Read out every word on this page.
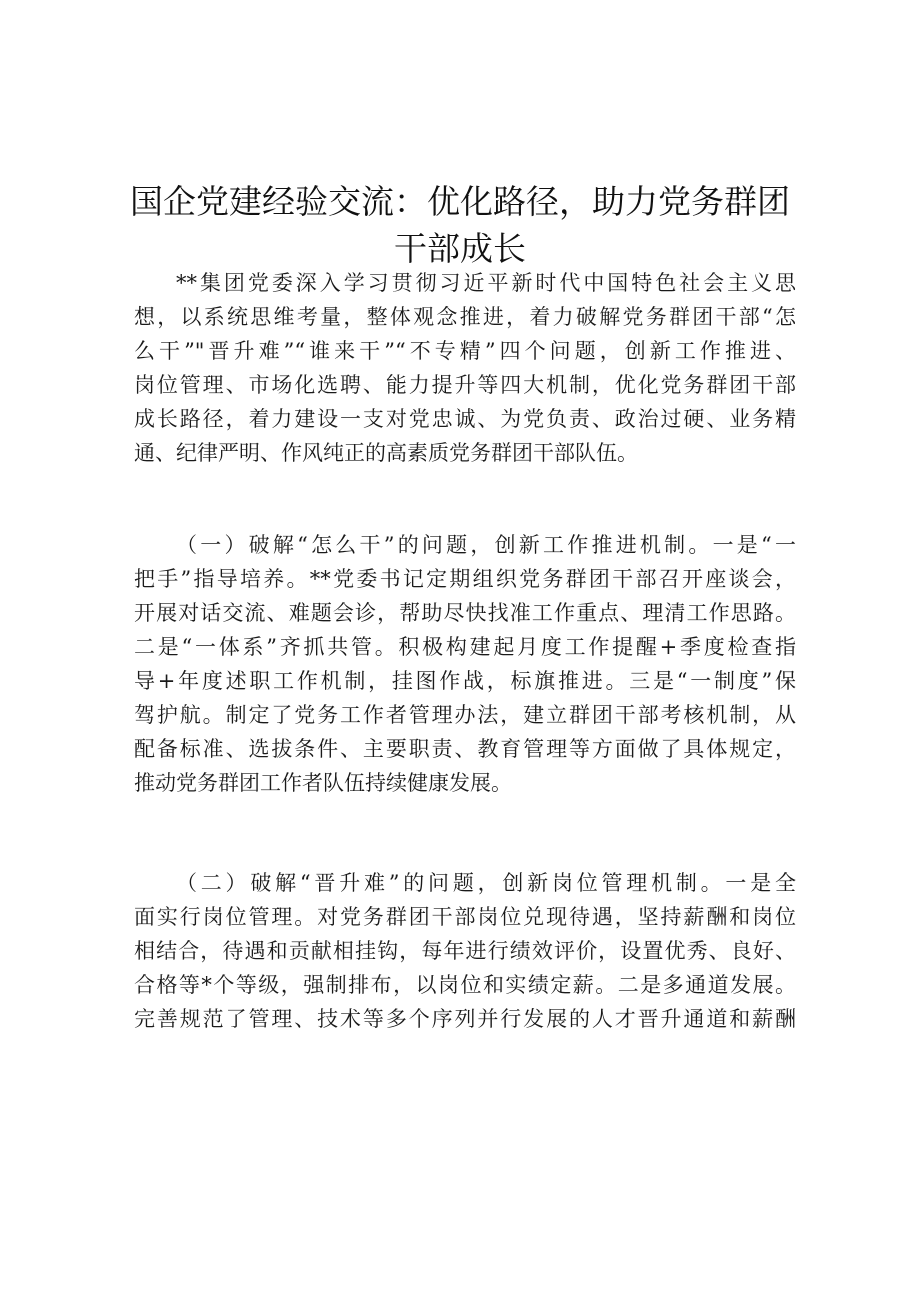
国企党建经验交流：优化路径，助力党务群团
干部成长
**集团党委深入学习贯彻习近平新时代中国特色社会主义思
想，以系统思维考量，整体观念推进，着力破解党务群团干部“怎
么干”"晋升难”“谁来干”“不专精”四个问题，创新工作推进、
岗位管理、市场化选聘、能力提升等四大机制，优化党务群团干部
成长路径，着力建设一支对党忠诚、为党负责、政治过硬、业务精
通、纪律严明、作风纯正的高素质党务群团干部队伍。
（一）破解“怎么干”的问题，创新工作推进机制。一是“一
把手”指导培养。**党委书记定期组织党务群团干部召开座谈会，
开展对话交流、难题会诊，帮助尽快找准工作重点、理清工作思路。
二是“一体系”齐抓共管。积极构建起月度工作提醒+季度检查指
导+年度述职工作机制，挂图作战，标旗推进。三是“一制度”保
驾护航。制定了党务工作者管理办法，建立群团干部考核机制，从
配备标准、选拔条件、主要职责、教育管理等方面做了具体规定，
推动党务群团工作者队伍持续健康发展。
（二）破解“晋升难”的问题，创新岗位管理机制。一是全
面实行岗位管理。对党务群团干部岗位兑现待遇，坚持薪酬和岗位
相结合，待遇和贡献相挂钩，每年进行绩效评价，设置优秀、良好、
合格等*个等级，强制排布，以岗位和实绩定薪。二是多通道发展。
完善规范了管理、技术等多个序列并行发展的人才晋升通道和薪酬
